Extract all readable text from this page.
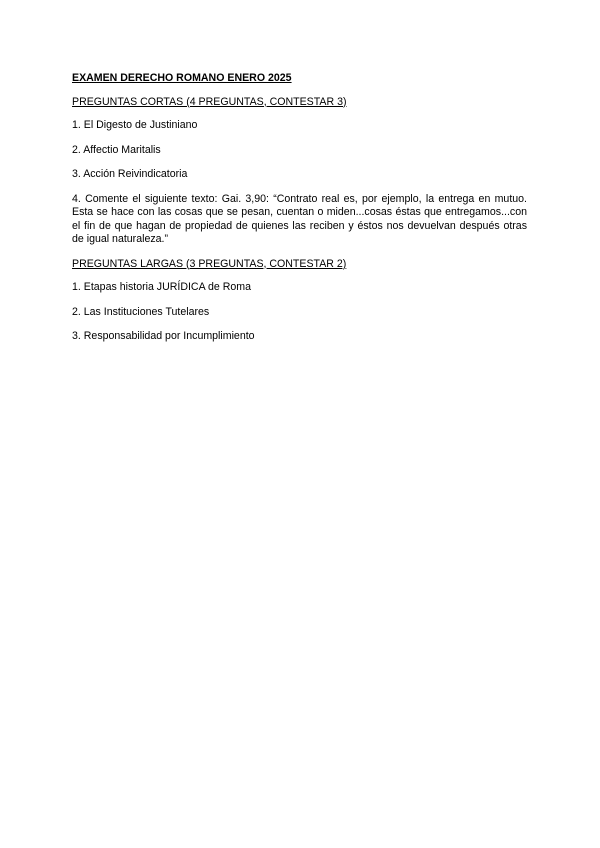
EXAMEN DERECHO ROMANO ENERO 2025

PREGUNTAS CORTAS (4 PREGUNTAS, CONTESTAR 3)

1. El Digesto de Justiniano

2. Affectio Maritalis

3. Acción Reivindicatoria

4. Comente el siguiente texto: Gai. 3,90: “Contrato real es, por ejemplo, la entrega en mutuo. Esta se hace con las cosas que se pesan, cuentan o miden...cosas éstas que entregamos...con el fin de que hagan de propiedad de quienes las reciben y éstos nos devuelvan después otras de igual naturaleza.”

PREGUNTAS LARGAS (3 PREGUNTAS, CONTESTAR 2)

1. Etapas historia JURÍDICA de Roma

2. Las Instituciones Tutelares

3. Responsabilidad por Incumplimiento
